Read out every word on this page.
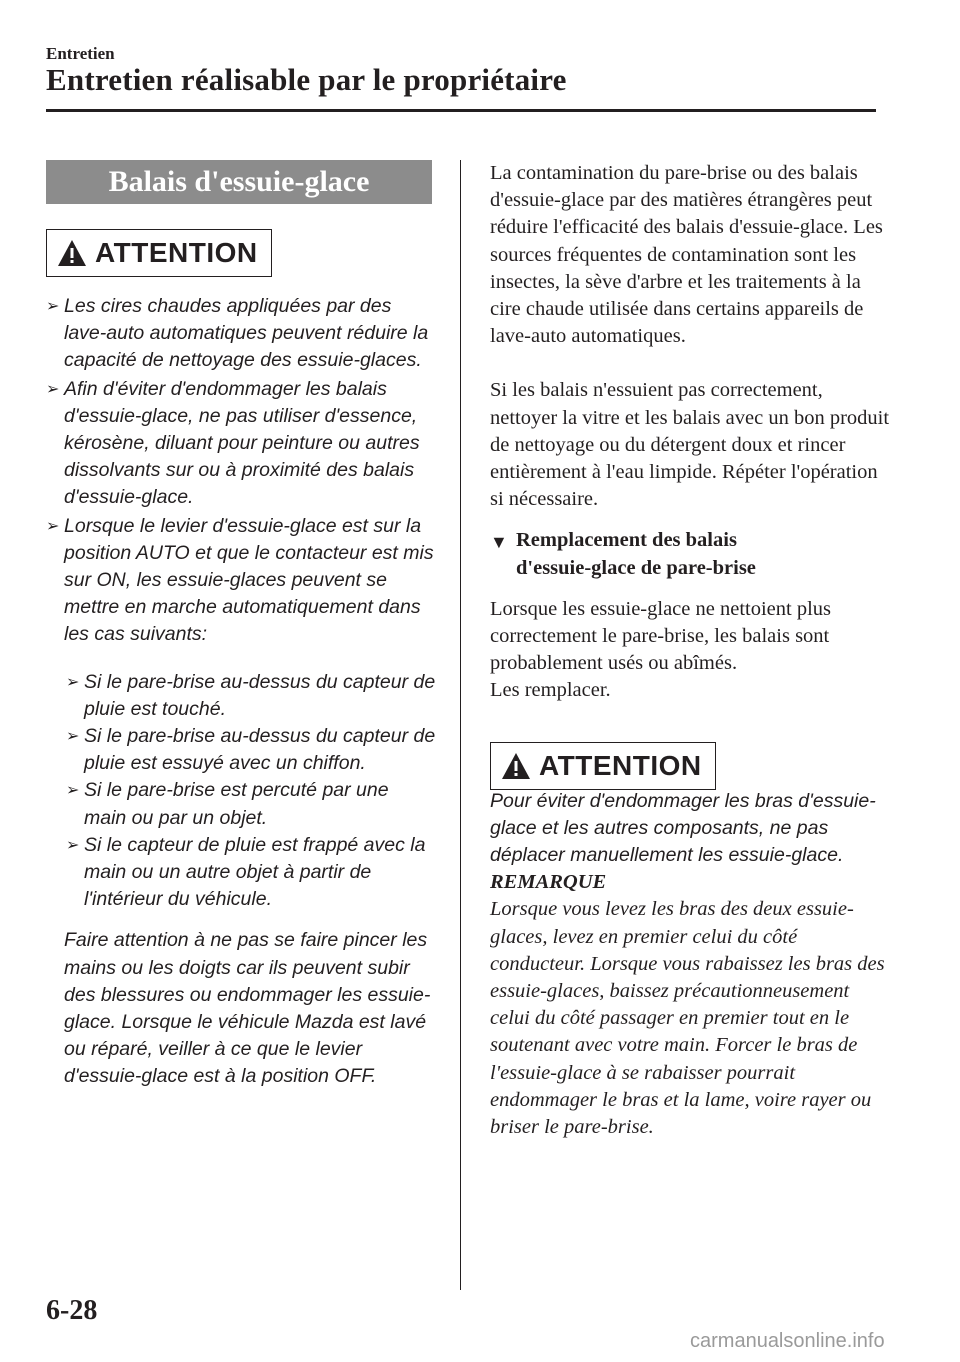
Entretien
Entretien réalisable par le propriétaire
Balais d'essuie-glace
ATTENTION
➢ Les cires chaudes appliquées par des lave-auto automatiques peuvent réduire la capacité de nettoyage des essuie-glaces.
➢ Afin d'éviter d'endommager les balais d'essuie-glace, ne pas utiliser d'essence, kérosène, diluant pour peinture ou autres dissolvants sur ou à proximité des balais d'essuie-glace.
➢ Lorsque le levier d'essuie-glace est sur la position AUTO et que le contacteur est mis sur ON, les essuie-glaces peuvent se mettre en marche automatiquement dans les cas suivants:
➢ Si le pare-brise au-dessus du capteur de pluie est touché.
➢ Si le pare-brise au-dessus du capteur de pluie est essuyé avec un chiffon.
➢ Si le pare-brise est percuté par une main ou par un objet.
➢ Si le capteur de pluie est frappé avec la main ou un autre objet à partir de l'intérieur du véhicule.
Faire attention à ne pas se faire pincer les mains ou les doigts car ils peuvent subir des blessures ou endommager les essuie-glace. Lorsque le véhicule Mazda est lavé ou réparé, veiller à ce que le levier d'essuie-glace est à la position OFF.

La contamination du pare-brise ou des balais d'essuie-glace par des matières étrangères peut réduire l'efficacité des balais d'essuie-glace. Les sources fréquentes de contamination sont les insectes, la sève d'arbre et les traitements à la cire chaude utilisée dans certains appareils de lave-auto automatiques.

Si les balais n'essuient pas correctement, nettoyer la vitre et les balais avec un bon produit de nettoyage ou du détergent doux et rincer entièrement à l'eau limpide. Répéter l'opération si nécessaire.

▼ Remplacement des balais
d'essuie-glace de pare-brise

Lorsque les essuie-glace ne nettoient plus correctement le pare-brise, les balais sont probablement usés ou abîmés.

Les remplacer.

Pour éviter d'endommager les bras d'essuie-glace et les autres composants, ne pas déplacer manuellement les essuie-glace.

REMARQUE

Lorsque vous levez les bras des deux essuie-glaces, levez en premier celui du côté conducteur. Lorsque vous rabaissez les bras des essuie-glaces, baissez précautionneusement celui du côté passager en premier tout en le soutenant avec votre main. Forcer le bras de l'essuie-glace à se rabaisser pourrait endommager le bras et la lame, voire rayer ou briser le pare-brise.

ATTENTION
6-28
carmanualsonline.info
